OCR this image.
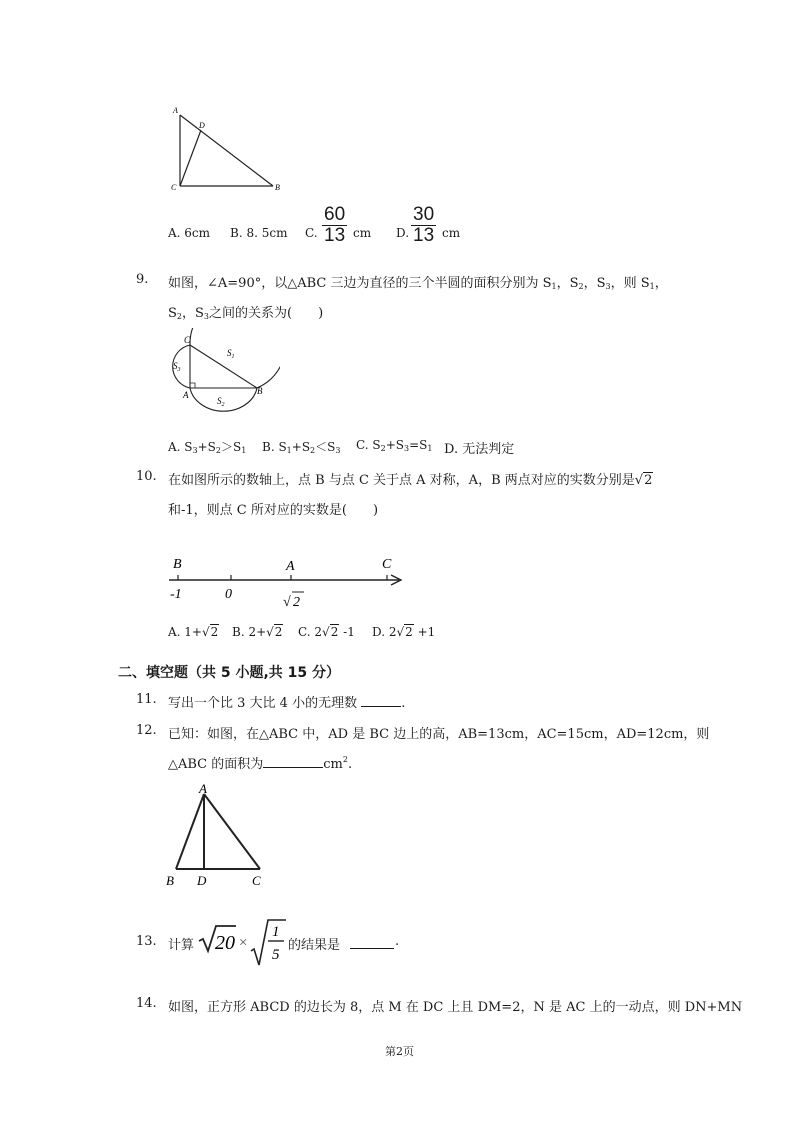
A
D
C	B
A. 6cm B. 8. 5cm C. $\frac{60}{13}$ cm D. $\frac{30}{13}$ cm
9. 如图，∠A=90°，以△ABC 三边为直径的三个半圆的面积分别为 $S_1$，$S_2$，$S_3$，则 $S_1$，
$S_2$，$S_3$之间的关系为(　　)
C
A	B
$S_1$
$S_2$
$S_3$
A. $S_3+S_2>S_1$ B. $S_1+S_2<S_3$ C. $S_2+S_3=S_1$ D. 无法判定
10. 在如图所示的数轴上，点 B 与点 C 关于点 A 对称，A，B 两点对应的实数分别是√2
和-1，则点 C 所对应的实数是(　　)
B	A	C
-1	0
√ 2
A. 1+√2 B. 2+√2 C. 2√2 -1 D. 2√2 +1
二、填空题（共 5 小题,共 15 分）
11. 写出一个比 3 大比 4 小的无理数	.
12. 已知：如图，在△ABC 中，AD 是 BC 边上的高，AB=13cm，AC=15cm，AD=12cm，则
△ABC 的面积为	$cm^2$.
A
B D	C
13. 计算 20 ×
1
5
的结果是	.
14. 如图，正方形 ABCD 的边长为 8，点 M 在 DC 上且 DM=2，N 是 AC 上的一动点，则 DN+MN
第2页
